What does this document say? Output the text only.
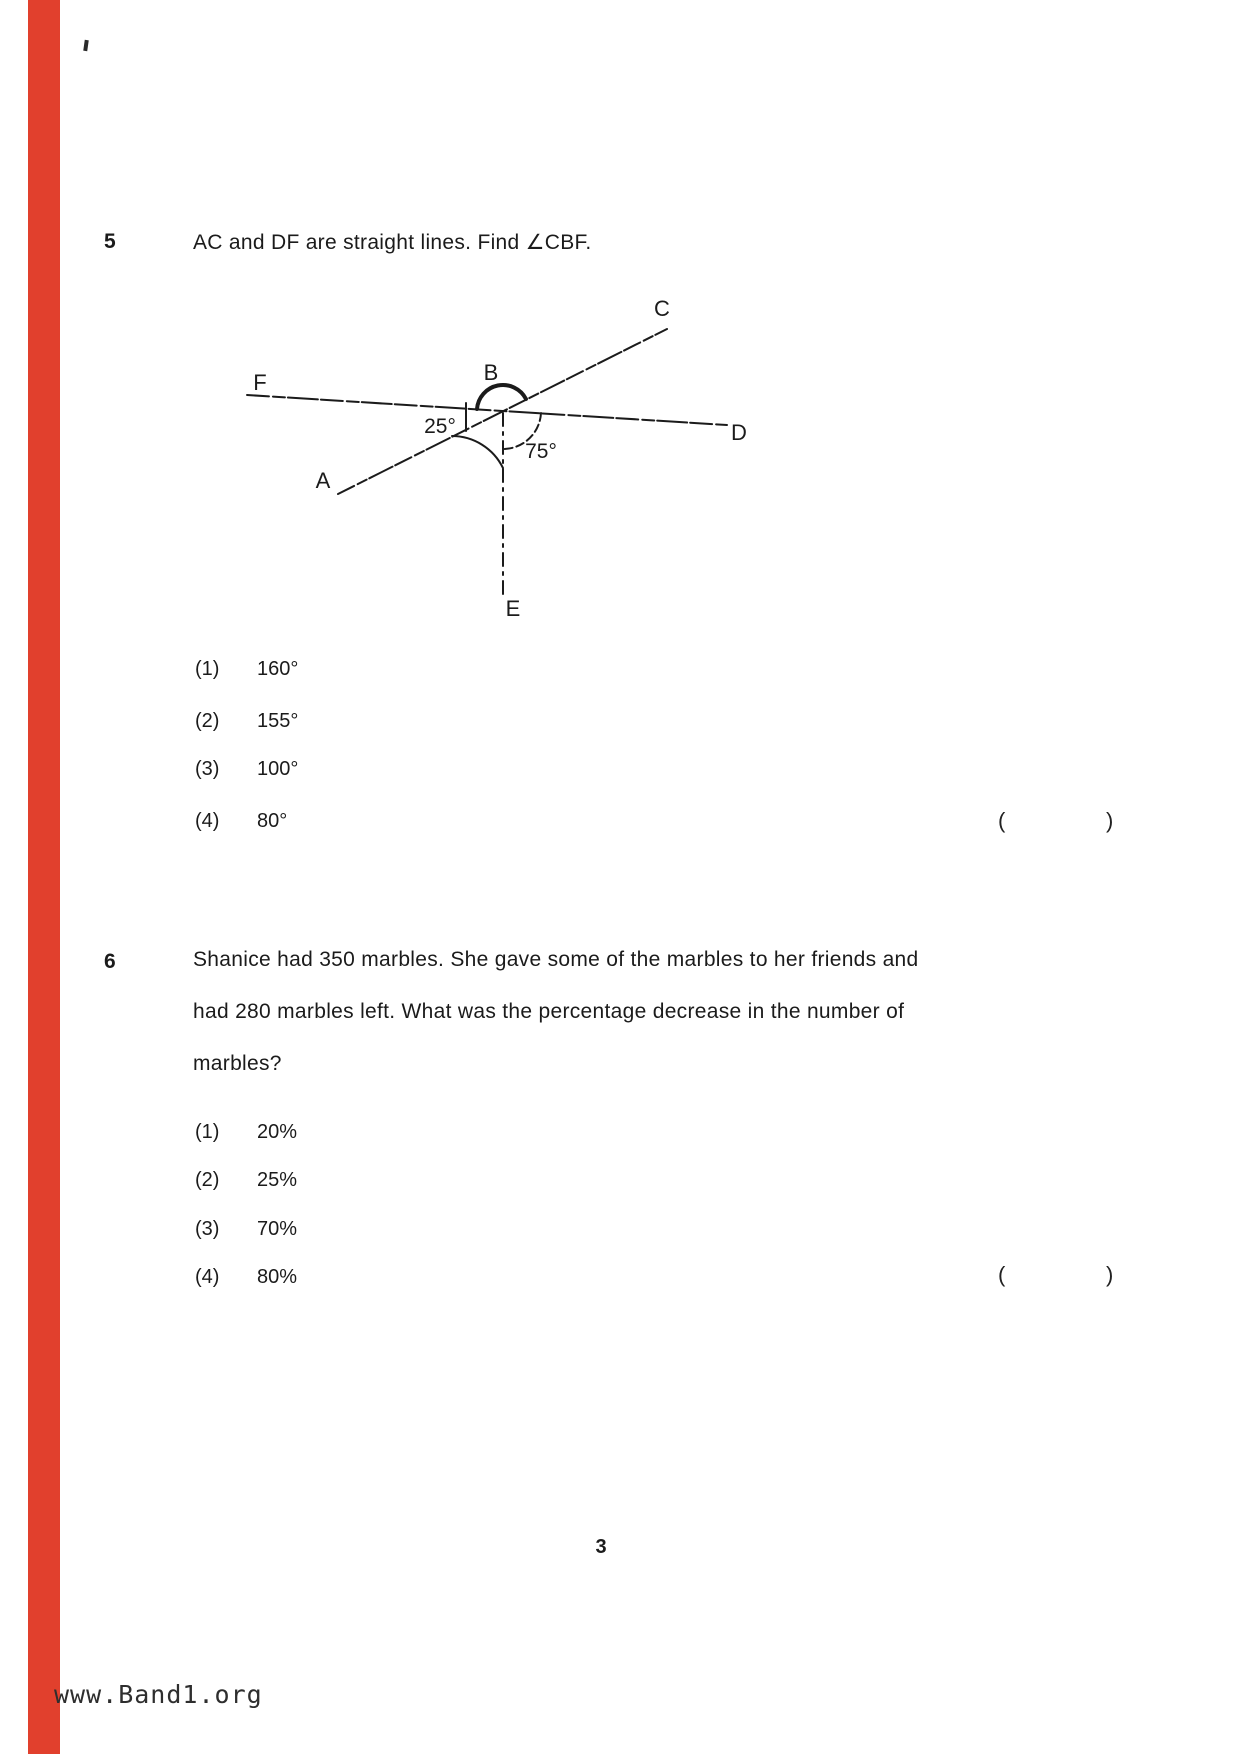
5	AC and DF are straight lines. Find ∠CBF.
F
A
B
C
D
E
25°
75°
(1) 160°
(2) 155°
(3) 100°
(4) 80°	(	)
6	Shanice had 350 marbles. She gave some of the marbles to her friends and
had 280 marbles left. What was the percentage decrease in the number of
marbles?
(1) 20%
(2) 25%
(3) 70%
(4) 80%	(	)
3
www.Band1.org
